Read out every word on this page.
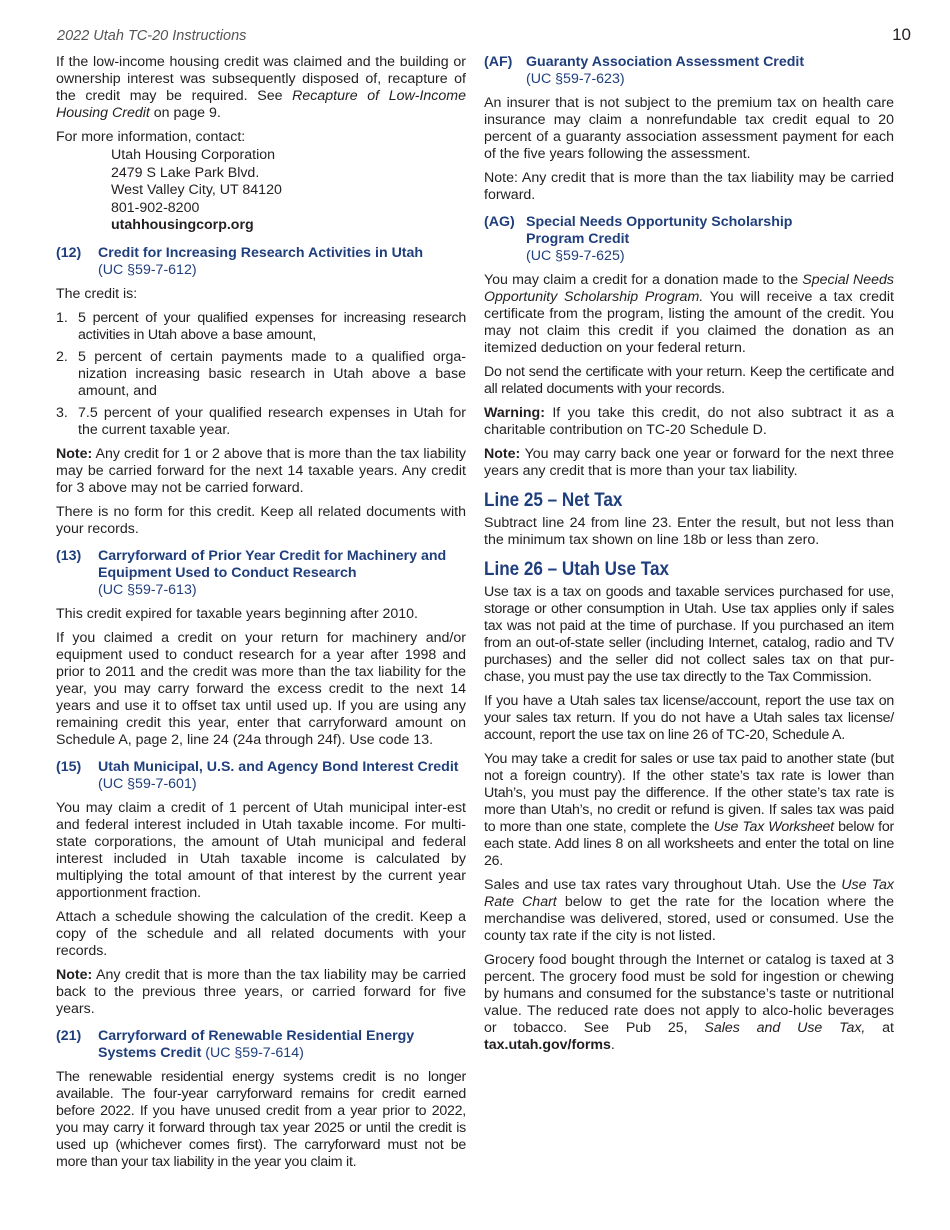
2022 Utah TC-20 Instructions	10

If the low-income housing credit was claimed and the building or ownership interest was subsequently disposed of, recapture of the credit may be required. See Recapture of Low-Income Housing Credit on page 9.

For more information, contact:

Utah Housing Corporation
2479 S Lake Park Blvd.
West Valley City, UT 84120
801-902-8200
utahhousingcorp.org
(12)	Credit for Increasing Research Activities in Utah
(UC §59-7-612)

The credit is:

1. 5 percent of your qualified expenses for increasing research activities in Utah above a base amount,
2. 5 percent of certain payments made to a qualified orga-nization increasing basic research in Utah above a base amount, and
3. 7.5 percent of your qualified research expenses in Utah for the current taxable year.

Note: Any credit for 1 or 2 above that is more than the tax liability may be carried forward for the next 14 taxable years. Any credit for 3 above may not be carried forward.

There is no form for this credit. Keep all related documents with your records.

(13)	Carryforward of Prior Year Credit for Machinery and Equipment Used to Conduct Research
(UC §59-7-613)

This credit expired for taxable years beginning after 2010.

If you claimed a credit on your return for machinery and/or equipment used to conduct research for a year after 1998 and prior to 2011 and the credit was more than the tax liability for the year, you may carry forward the excess credit to the next 14 years and use it to offset tax until used up. If you are using any remaining credit this year, enter that carryforward amount on Schedule A, page 2, line 24 (24a through 24f). Use code 13.

(15)	Utah Municipal, U.S. and Agency Bond Interest Credit (UC §59-7-601)

You may claim a credit of 1 percent of Utah municipal inter-est and federal interest included in Utah taxable income. For multi-state corporations, the amount of Utah municipal and federal interest included in Utah taxable income is calculated by multiplying the total amount of that interest by the current year apportionment fraction.

Attach a schedule showing the calculation of the credit. Keep a copy of the schedule and all related documents with your records.

Note: Any credit that is more than the tax liability may be carried back to the previous three years, or carried forward for five years.

(21)	Carryforward of Renewable Residential Energy Systems Credit (UC §59-7-614)

The renewable residential energy systems credit is no longer available. The four-year carryforward remains for credit earned before 2022. If you have unused credit from a year prior to 2022, you may carry it forward through tax year 2025 or until the credit is used up (whichever comes first). The carryforward must not be more than your tax liability in the year you claim it.

(AF) Guaranty Association Assessment Credit
(UC §59-7-623)

An insurer that is not subject to the premium tax on health care insurance may claim a nonrefundable tax credit equal to 20 percent of a guaranty association assessment payment for each of the five years following the assessment.

Note: Any credit that is more than the tax liability may be carried forward.

(AG) Special Needs Opportunity Scholarship Program Credit
(UC §59-7-625)

You may claim a credit for a donation made to the Special Needs Opportunity Scholarship Program. You will receive a tax credit certificate from the program, listing the amount of the credit. You may not claim this credit if you claimed the donation as an itemized deduction on your federal return.

Do not send the certificate with your return. Keep the certificate and all related documents with your records.

Warning: If you take this credit, do not also subtract it as a charitable contribution on TC-20 Schedule D.

Note: You may carry back one year or forward for the next three years any credit that is more than your tax liability.

Line 25 – Net Tax

Subtract line 24 from line 23. Enter the result, but not less than the minimum tax shown on line 18b or less than zero.

Line 26 – Utah Use Tax

Use tax is a tax on goods and taxable services purchased for use, storage or other consumption in Utah. Use tax applies only if sales tax was not paid at the time of purchase. If you purchased an item from an out-of-state seller (including Internet, catalog, radio and TV purchases) and the seller did not collect sales tax on that pur-chase, you must pay the use tax directly to the Tax Commission.

If you have a Utah sales tax license/account, report the use tax on your sales tax return. If you do not have a Utah sales tax license/ account, report the use tax on line 26 of TC-20, Schedule A.

You may take a credit for sales or use tax paid to another state (but not a foreign country). If the other state’s tax rate is lower than Utah’s, you must pay the difference. If the other state’s tax rate is more than Utah’s, no credit or refund is given. If sales tax was paid to more than one state, complete the Use Tax Worksheet below for each state. Add lines 8 on all worksheets and enter the total on line 26.

Sales and use tax rates vary throughout Utah. Use the Use Tax Rate Chart below to get the rate for the location where the merchandise was delivered, stored, used or consumed. Use the county tax rate if the city is not listed.

Grocery food bought through the Internet or catalog is taxed at 3 percent. The grocery food must be sold for ingestion or chewing by humans and consumed for the substance’s taste or nutritional value. The reduced rate does not apply to alco-holic beverages or tobacco. See Pub 25, Sales and Use Tax, at tax.utah.gov/forms.
